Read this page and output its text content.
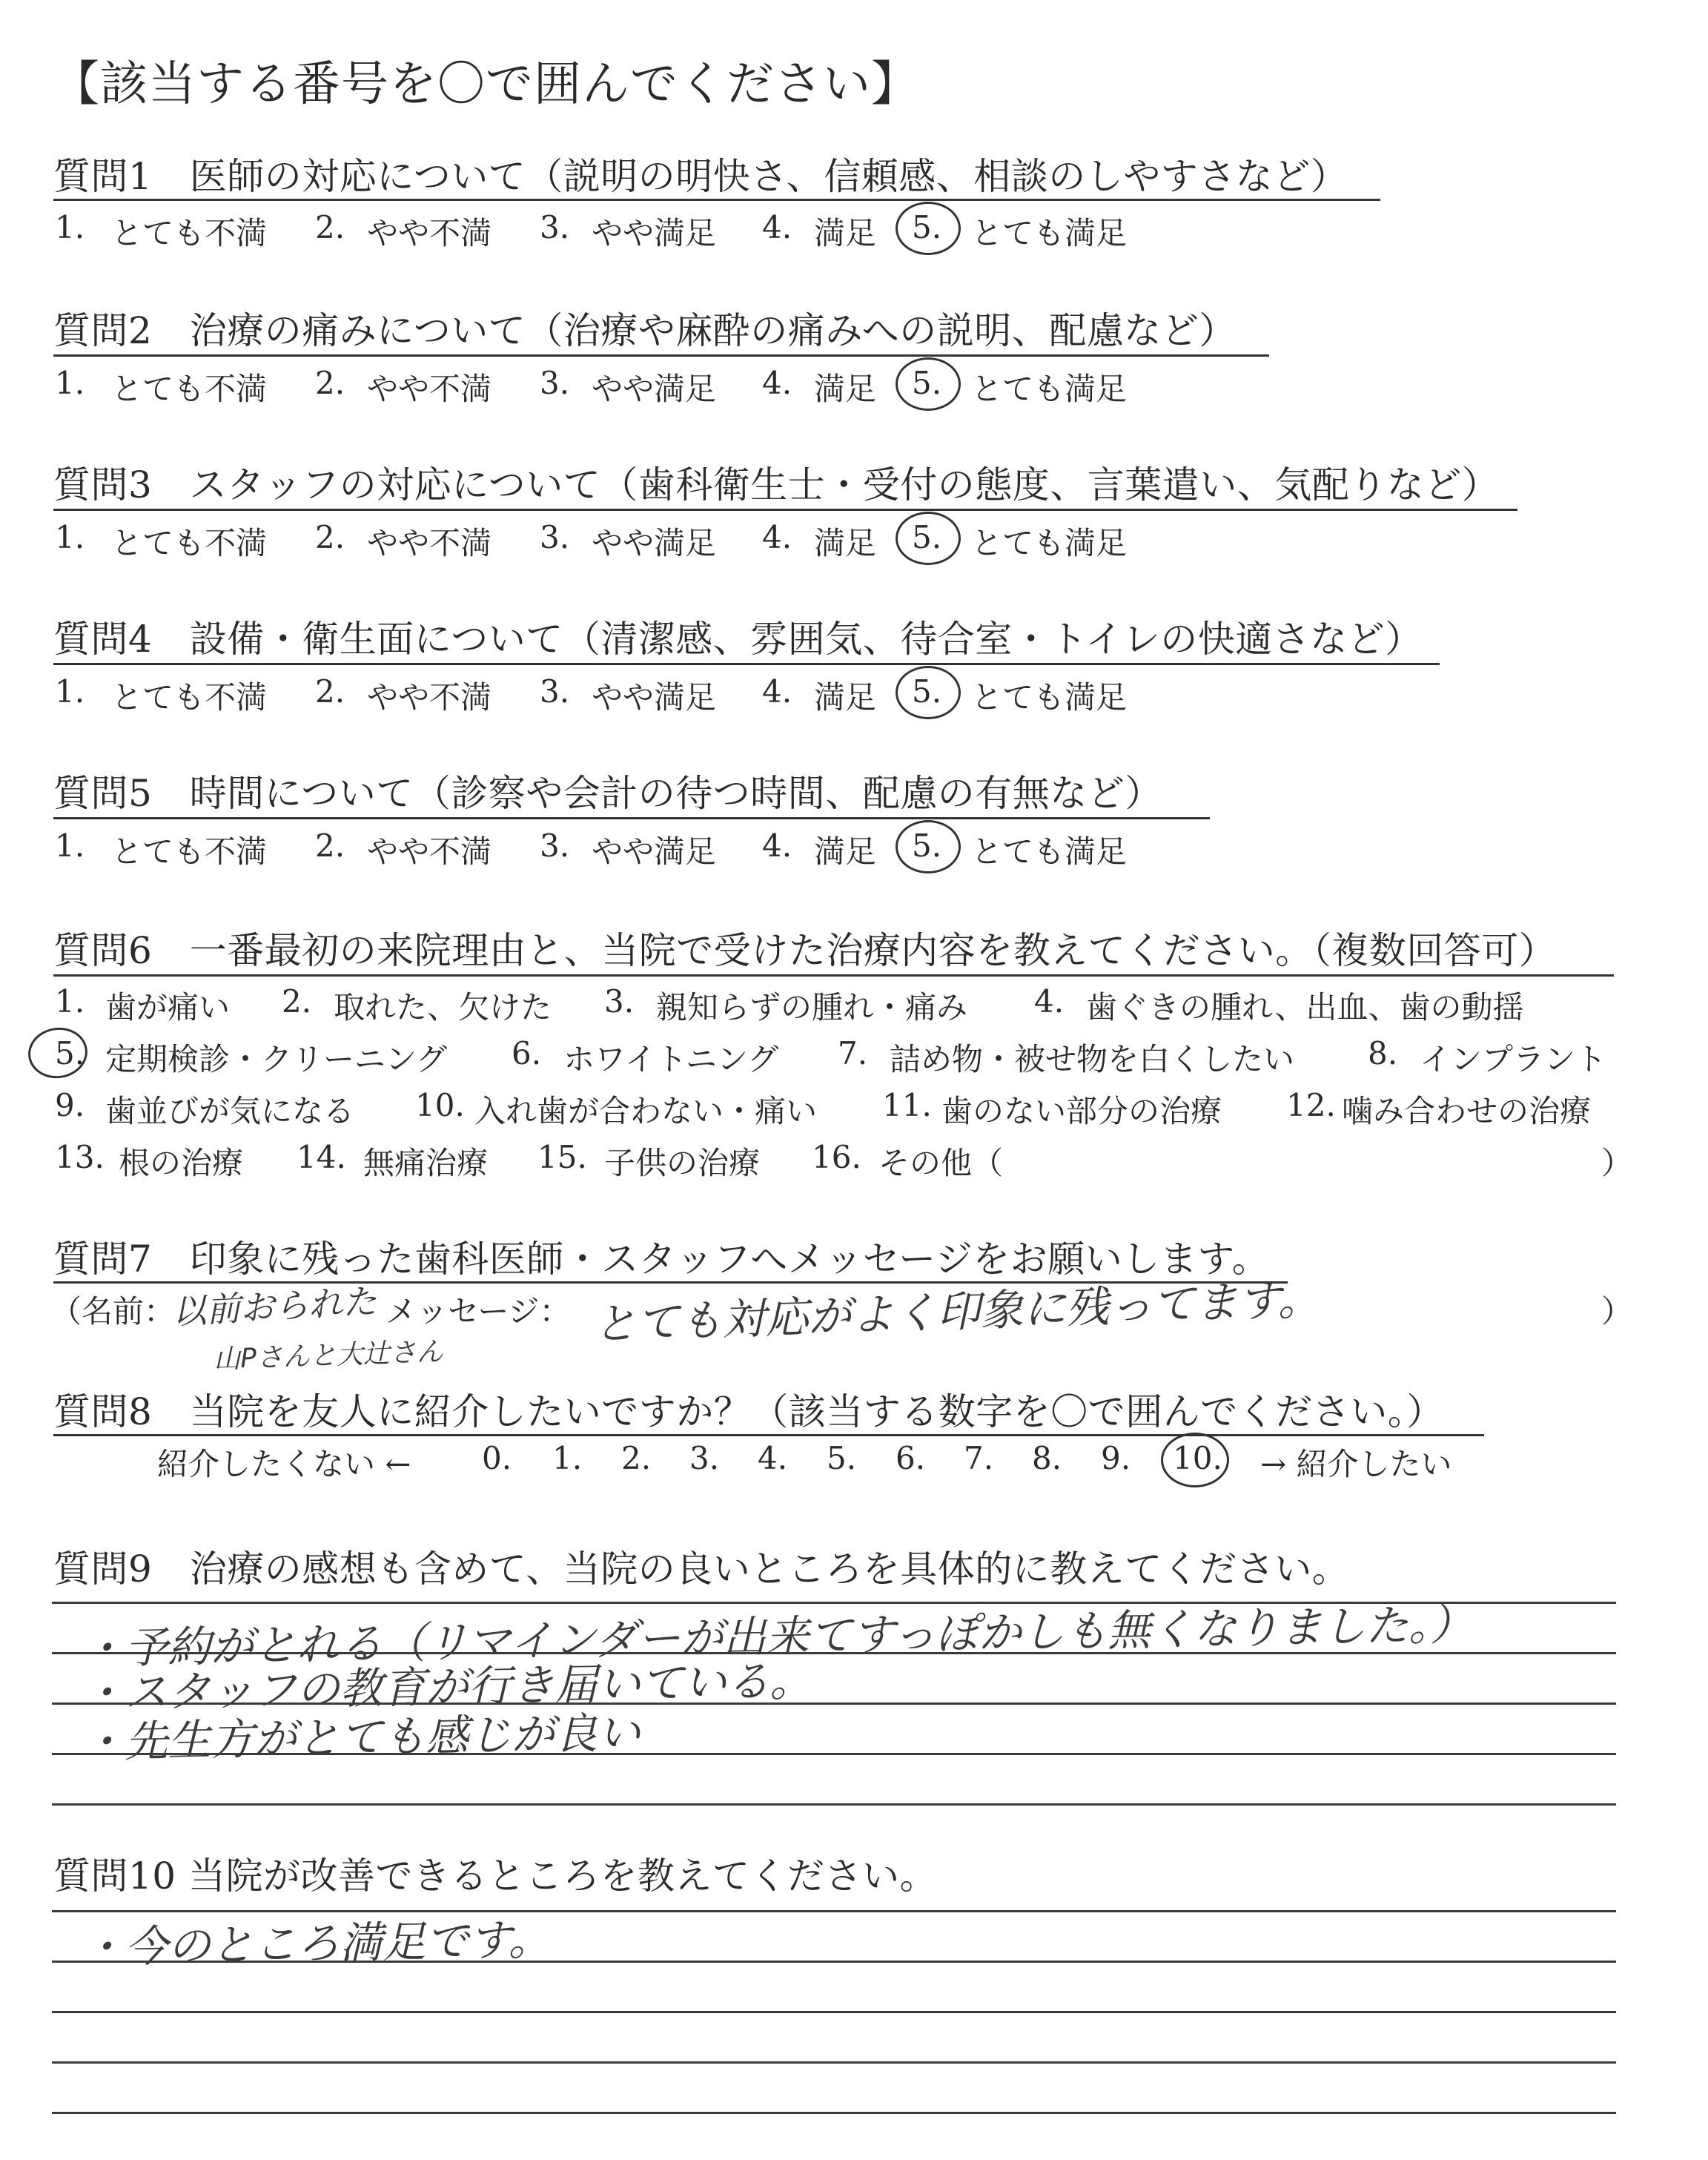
【該当する番号を〇で囲んでください】
質問1　医師の対応について（説明の明快さ、信頼感、相談のしやすさなど）
1. とても不満 2. やや不満 3. やや満足 4. 満足 5. とても満足
質問2　治療の痛みについて（治療や麻酔の痛みへの説明、配慮など）
1. とても不満 2. やや不満 3. やや満足 4. 満足 5. とても満足
質問3　スタッフの対応について（歯科衛生士・受付の態度、言葉遣い、気配りなど）
1. とても不満 2. やや不満 3. やや満足 4. 満足 5. とても満足
質問4　設備・衛生面について（清潔感、雰囲気、待合室・トイレの快適さなど）
1. とても不満 2. やや不満 3. やや満足 4. 満足 5. とても満足
質問5　時間について（診察や会計の待つ時間、配慮の有無など）
1. とても不満 2. やや不満 3. やや満足 4. 満足 5. とても満足
質問6　一番最初の来院理由と、当院で受けた治療内容を教えてください。（複数回答可）
1. 歯が痛い 2. 取れた、欠けた 3. 親知らずの腫れ・痛み 4. 歯ぐきの腫れ、出血、歯の動揺
5. 定期検診・クリーニング 6. ホワイトニング 7. 詰め物・被せ物を白くしたい 8. インプラント
9. 歯並びが気になる 10. 入れ歯が合わない・痛い 11. 歯のない部分の治療 12. 噛み合わせの治療
13. 根の治療 14. 無痛治療 15. 子供の治療 16. その他（	）
質問7　印象に残った歯科医師・スタッフへメッセージをお願いします。
（名前：
以前おられた
山Pさんと大辻さん
メッセージ： とても対応がよく印象に残ってます。	）
質問8　当院を友人に紹介したいですか？（該当する数字を〇で囲んでください。）
紹介したくない ← 0. 1. 2. 3. 4. 5. 6. 7. 8. 9. 10. → 紹介したい
質問9　治療の感想も含めて、当院の良いところを具体的に教えてください。
・予約がとれる（リマインダーが出来てすっぽかしも無くなりました。）
・スタッフの教育が行き届いている。
・先生方がとても感じが良い
質問10 当院が改善できるところを教えてください。
・今のところ満足です。
